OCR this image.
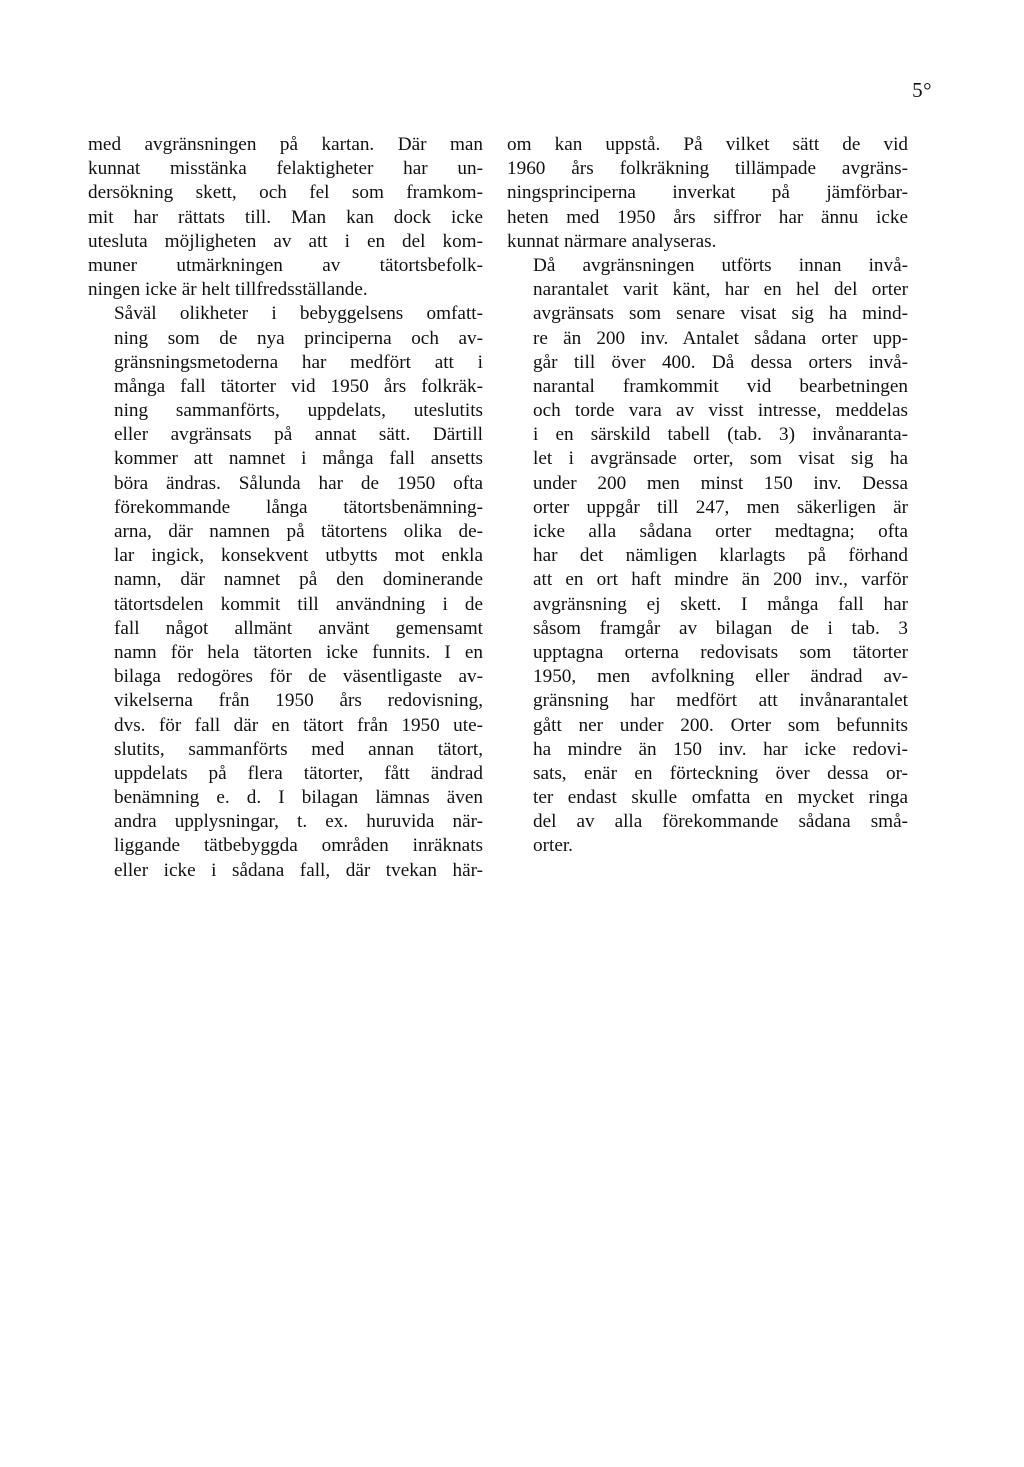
5°
med avgränsningen på kartan. Där man
kunnat misstänka felaktigheter har un-
dersökning skett, och fel som framkom-
mit har rättats till. Man kan dock icke
utesluta möjligheten av att i en del kom-
muner utmärkningen av tätortsbefolk-
ningen icke är helt tillfredsställande.
Såväl olikheter i bebyggelsens omfatt-
ning som de nya principerna och av-
gränsningsmetoderna har medfört att i
många fall tätorter vid 1950 års folkräk-
ning sammanförts, uppdelats, uteslutits
eller avgränsats på annat sätt. Därtill
kommer att namnet i många fall ansetts
böra ändras. Sålunda har de 1950 ofta
förekommande långa tätortsbenämning-
arna, där namnen på tätortens olika de-
lar ingick, konsekvent utbytts mot enkla
namn, där namnet på den dominerande
tätortsdelen kommit till användning i de
fall något allmänt använt gemensamt
namn för hela tätorten icke funnits. I en
bilaga redogöres för de väsentligaste av-
vikelserna från 1950 års redovisning,
dvs. för fall där en tätort från 1950 ute-
slutits, sammanförts med annan tätort,
uppdelats på flera tätorter, fått ändrad
benämning e. d. I bilagan lämnas även
andra upplysningar, t. ex. huruvida när-
liggande tätbebyggda områden inräknats
eller icke i sådana fall, där tvekan här-
om kan uppstå. På vilket sätt de vid
1960 års folkräkning tillämpade avgräns-
ningsprinciperna inverkat på jämförbar-
heten med 1950 års siffror har ännu icke
kunnat närmare analyseras.
Då avgränsningen utförts innan invå-
narantalet varit känt, har en hel del orter
avgränsats som senare visat sig ha mind-
re än 200 inv. Antalet sådana orter upp-
går till över 400. Då dessa orters invå-
narantal framkommit vid bearbetningen
och torde vara av visst intresse, meddelas
i en särskild tabell (tab. 3) invånaranta-
let i avgränsade orter, som visat sig ha
under 200 men minst 150 inv. Dessa
orter uppgår till 247, men säkerligen är
icke alla sådana orter medtagna; ofta
har det nämligen klarlagts på förhand
att en ort haft mindre än 200 inv., varför
avgränsning ej skett. I många fall har
såsom framgår av bilagan de i tab. 3
upptagna orterna redovisats som tätorter
1950, men avfolkning eller ändrad av-
gränsning har medfört att invånarantalet
gått ner under 200. Orter som befunnits
ha mindre än 150 inv. har icke redovi-
sats, enär en förteckning över dessa or-
ter endast skulle omfatta en mycket ringa
del av alla förekommande sådana små-
orter.
